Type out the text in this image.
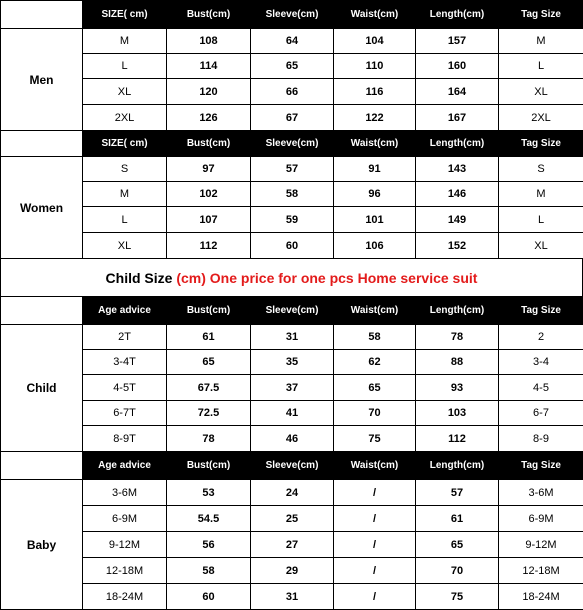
	SIZE( cm)	Bust(cm)	Sleeve(cm)	Waist(cm)	Length(cm)	Tag Size
Men	M	108	64	104	157	M
	L	114	65	110	160	L
	XL	120	66	116	164	XL
	2XL	126	67	122	167	2XL
	SIZE( cm)	Bust(cm)	Sleeve(cm)	Waist(cm)	Length(cm)	Tag Size
Women	S	97	57	91	143	S
	M	102	58	96	146	M
	L	107	59	101	149	L
	XL	112	60	106	152	XL
Child Size
(cm) One price for one pcs Home service suit
	Age advice	Bust(cm)	Sleeve(cm)	Waist(cm)	Length(cm)	Tag Size
Child	2T	61	31	58	78	2
	3-4T	65	35	62	88	3-4
	4-5T	67.5	37	65	93	4-5
	6-7T	72.5	41	70	103	6-7
	8-9T	78	46	75	112	8-9
	Age advice	Bust(cm)	Sleeve(cm)	Waist(cm)	Length(cm)	Tag Size
Baby	3-6M	53	24	/	57	3-6M
	6-9M	54.5	25	/	61	6-9M
	9-12M	56	27	/	65	9-12M
	12-18M	58	29	/	70	12-18M
	18-24M	60	31	/	75	18-24M
